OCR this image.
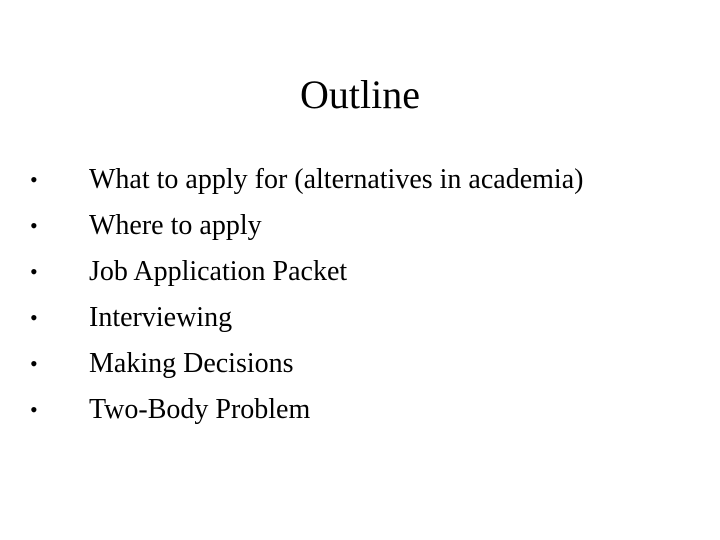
Outline
•	What to apply for (alternatives in academia)
•	Where to apply
•	Job Application Packet
•	Interviewing
•	Making Decisions
•	Two-Body Problem
